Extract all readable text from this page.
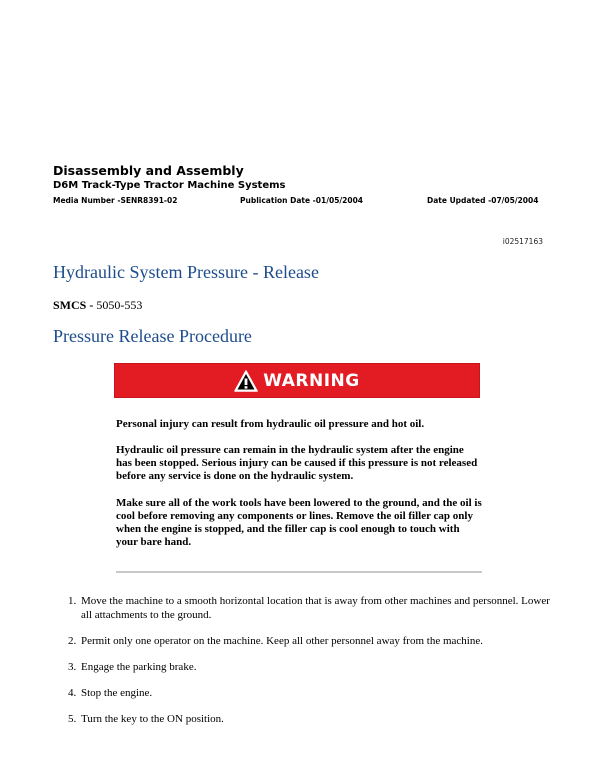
Disassembly and Assembly
D6M Track-Type Tractor Machine Systems
Media Number -SENR8391-02	Publication Date -01/05/2004	Date Updated -07/05/2004
i02517163
Hydraulic System Pressure - Release
SMCS - 5050-553
Pressure Release Procedure
WARNING

Personal injury can result from hydraulic oil pressure and hot oil.

Hydraulic oil pressure can remain in the hydraulic system after the engine has been stopped. Serious injury can be caused if this pressure is not released before any service is done on the hydraulic system.

Make sure all of the work tools have been lowered to the ground, and the oil is cool before removing any components or lines. Remove the oil filler cap only when the engine is stopped, and the filler cap is cool enough to touch with your bare hand.

1. Move the machine to a smooth horizontal location that is away from other machines and personnel. Lower all attachments to the ground.
2. Permit only one operator on the machine. Keep all other personnel away from the machine.
3. Engage the parking brake.
4. Stop the engine.
5. Turn the key to the ON position.
